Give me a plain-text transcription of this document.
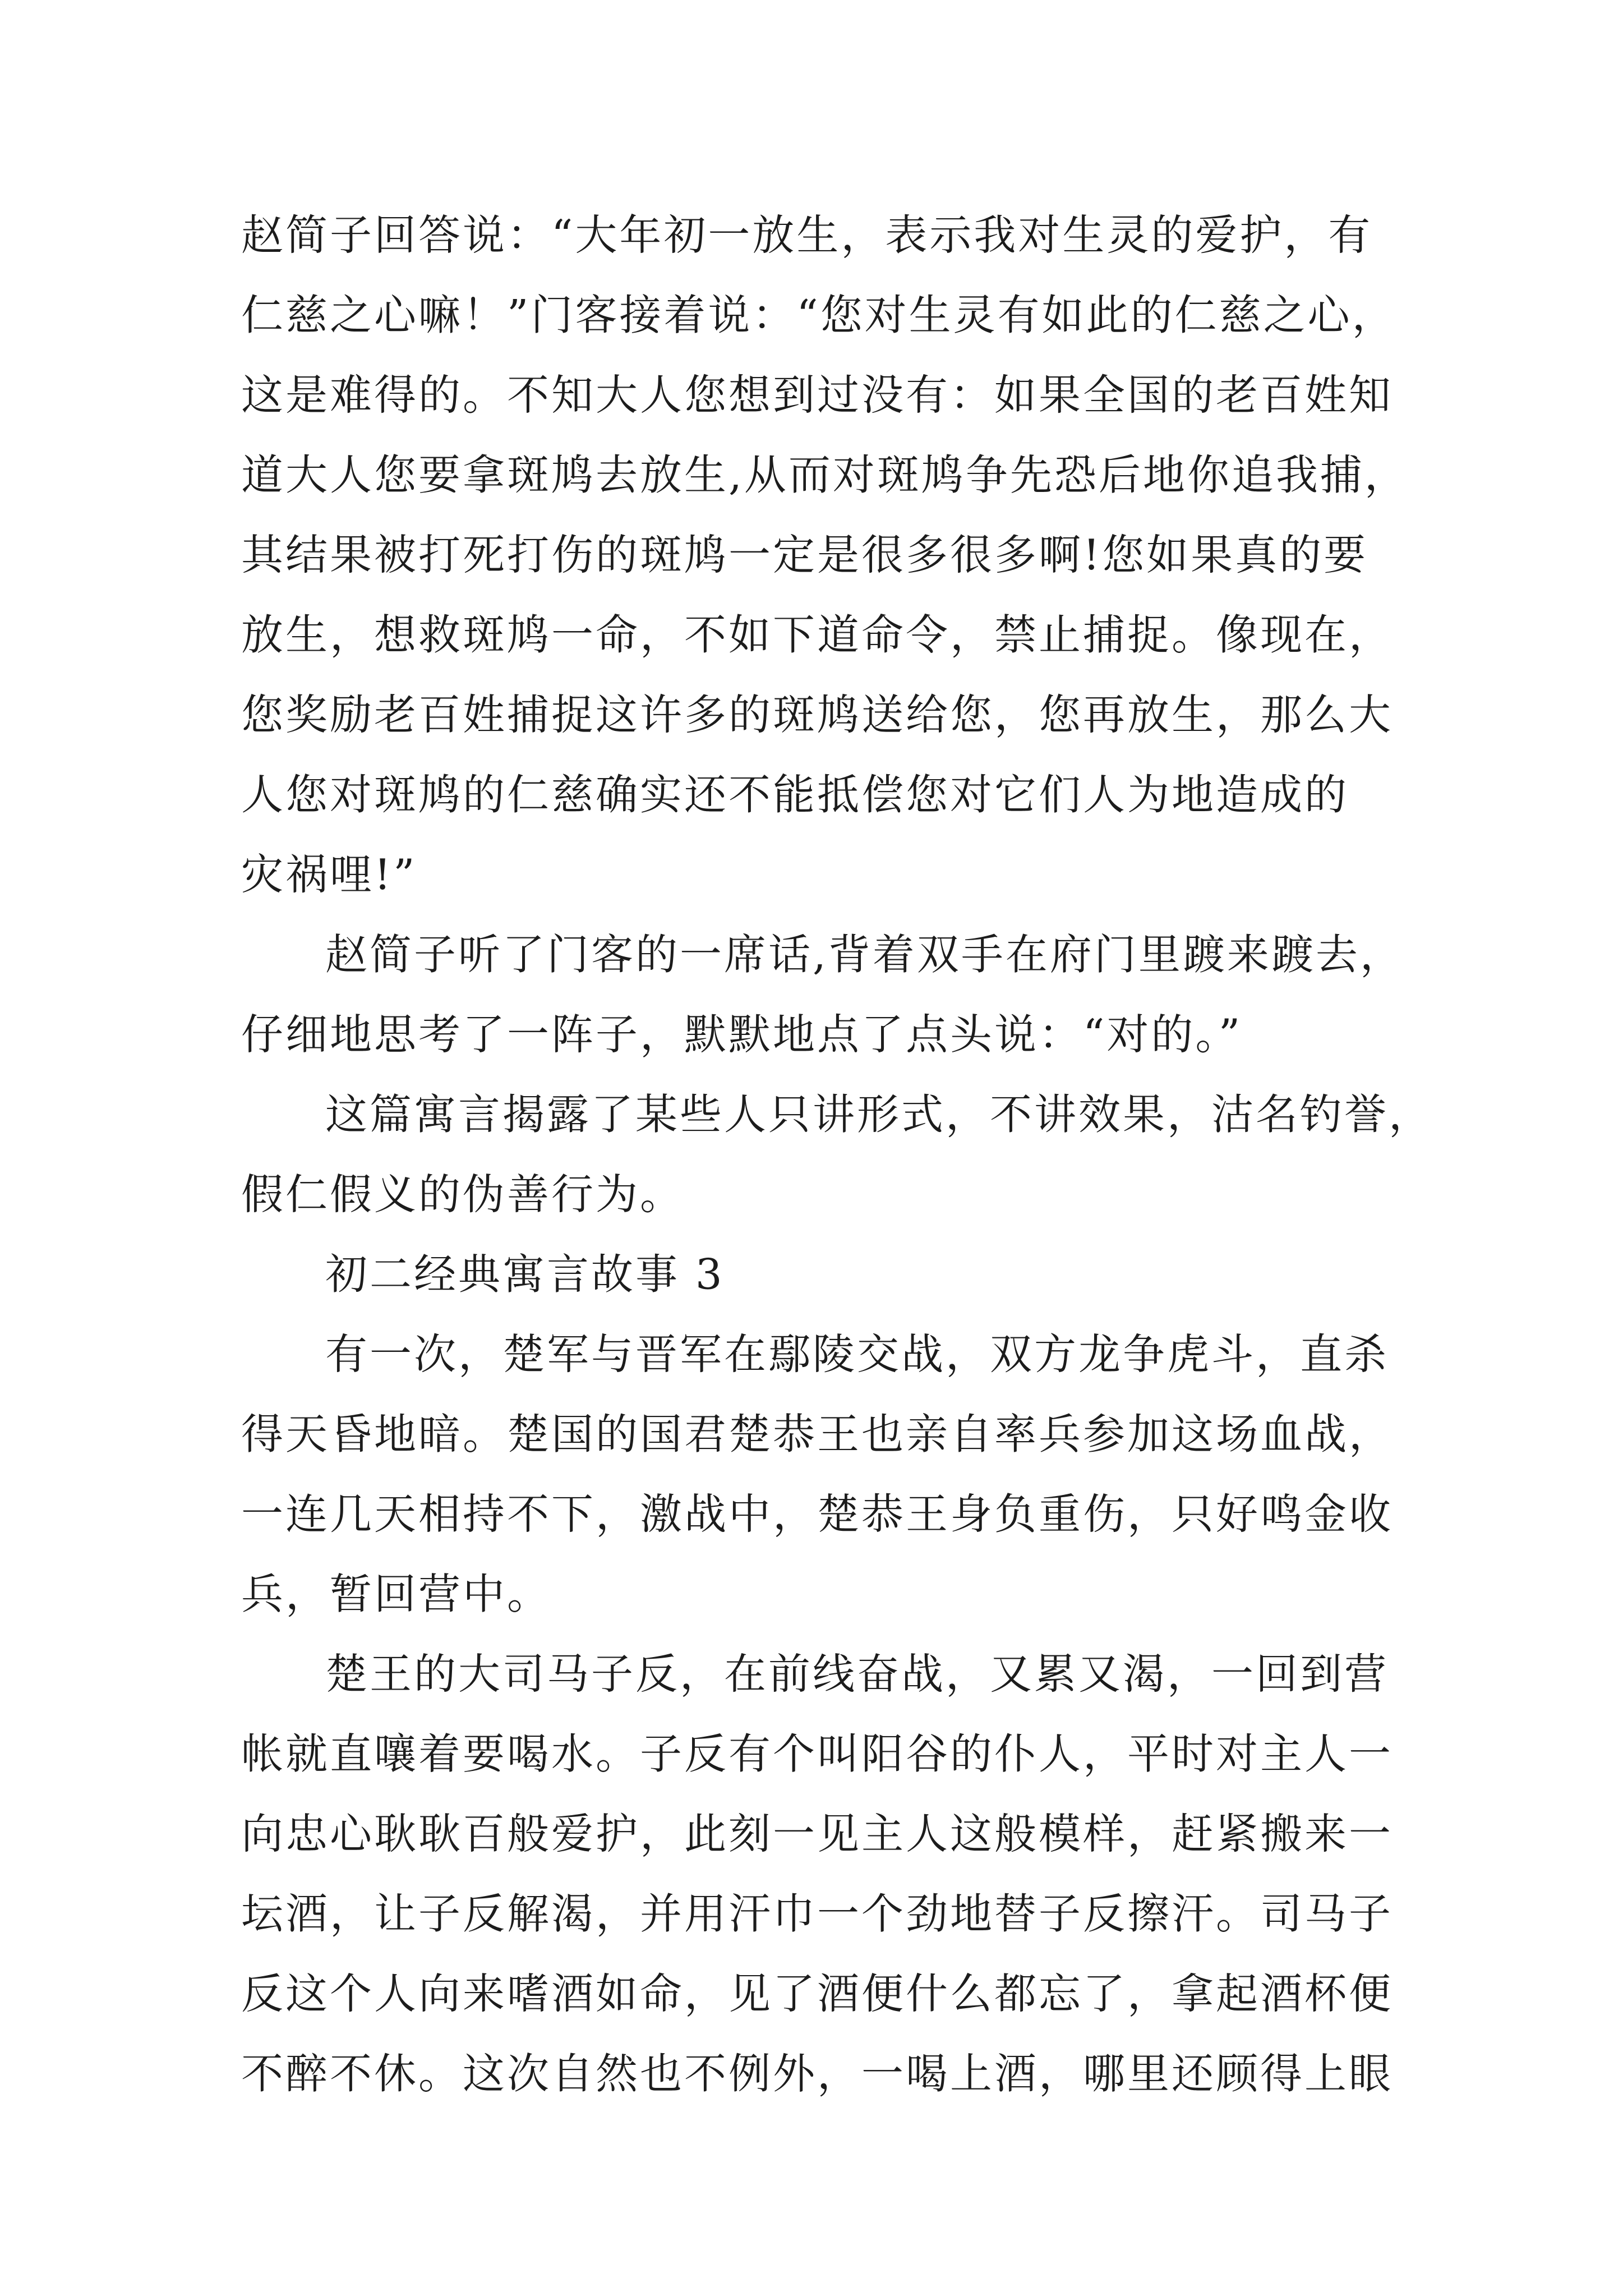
赵简子回答说：“大年初一放生，表示我对生灵的爱护，有
仁慈之心嘛！”门客接着说：“您对生灵有如此的仁慈之心，
这是难得的。不知大人您想到过没有：如果全国的老百姓知
道大人您要拿斑鸠去放生,从而对斑鸠争先恐后地你追我捕，
其结果被打死打伤的斑鸠一定是很多很多啊!您如果真的要
放生，想救斑鸠一命，不如下道命令，禁止捕捉。像现在，
您奖励老百姓捕捉这许多的斑鸠送给您，您再放生，那么大
人您对斑鸠的仁慈确实还不能抵偿您对它们人为地造成的
灾祸哩!”
赵简子听了门客的一席话,背着双手在府门里踱来踱去，
仔细地思考了一阵子，默默地点了点头说：“对的。”
这篇寓言揭露了某些人只讲形式，不讲效果，沽名钓誉，
假仁假义的伪善行为。
初二经典寓言故事 3
有一次，楚军与晋军在鄢陵交战，双方龙争虎斗，直杀
得天昏地暗。楚国的国君楚恭王也亲自率兵参加这场血战，
一连几天相持不下，激战中，楚恭王身负重伤，只好鸣金收
兵，暂回营中。
楚王的大司马子反，在前线奋战，又累又渴，一回到营
帐就直嚷着要喝水。子反有个叫阳谷的仆人，平时对主人一
向忠心耿耿百般爱护，此刻一见主人这般模样，赶紧搬来一
坛酒，让子反解渴，并用汗巾一个劲地替子反擦汗。司马子
反这个人向来嗜酒如命，见了酒便什么都忘了，拿起酒杯便
不醉不休。这次自然也不例外，一喝上酒，哪里还顾得上眼
